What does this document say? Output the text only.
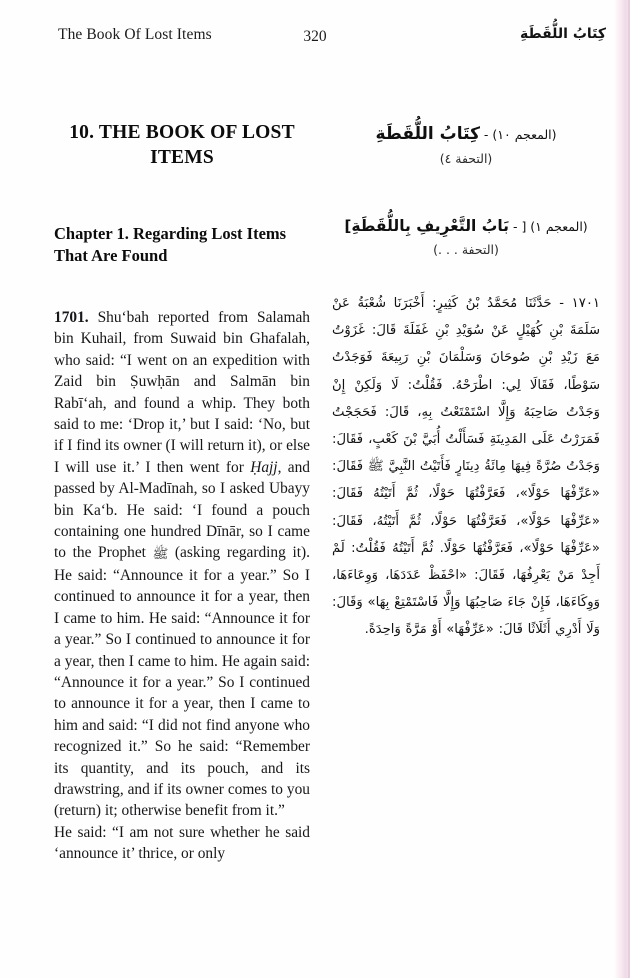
The Book Of Lost Items	320	كِتَابُ اللُّقَطَةِ
10. THE BOOK OF LOST ITEMS
Chapter 1. Regarding Lost Items That Are Found

1701. Shu‘bah reported from Salamah bin Kuhail, from Suwaid bin Ghafalah, who said: “I went on an expedition with Zaid bin Ṣuwḥān and Salmān bin Rabī‘ah, and found a whip. They both said to me: ‘Drop it,’ but I said: ‘No, but if I find its owner (I will return it), or else I will use it.’ I then went for Ḥajj, and passed by Al-Madīnah, so I asked Ubayy bin Ka‘b. He said: ‘I found a pouch containing one hundred Dīnār, so I came to the Prophet ﷺ (asking regarding it). He said: “Announce it for a year.” So I continued to announce it for a year, then I came to him. He said: “Announce it for a year.” So I continued to announce it for a year, then I came to him. He again said: “Announce it for a year.” So I continued to announce it for a year, then I came to him and said: “I did not find anyone who recognized it.” So he said: “Remember its quantity, and its pouch, and its drawstring, and if its owner comes to you (return) it; otherwise benefit from it.”

He said: “I am not sure whether he said ‘announce it’ thrice, or only

(المعجم ١٠) - كِتَابُ اللُّقَطَةِ
(التحفة ٤)
(المعجم ١) [ - بَابُ التَّعْرِيفِ بِاللُّقَطَةِ]
(التحفة . . .)

١٧٠١ - حَدَّثَنَا مُحَمَّدُ بْنُ كَثِيرٍ: أَخْبَرَنَا شُعْبَةُ عَنْ سَلَمَةَ بْنِ كُهَيْلٍ عَنْ سُوَيْدِ بْنِ غَفَلَةَ قَالَ: غَزَوْتُ مَعَ زَيْدِ بْنِ صُوحَانَ وَسَلْمَانَ بْنِ رَبِيعَةَ فَوَجَدْتُ سَوْطًا، فَقَالَا لِي: اطْرَحْهُ. فَقُلْتُ: لَا وَلَكِنْ إِنْ وَجَدْتُ صَاحِبَهُ وَإِلَّا اسْتَمْتَعْتُ بِهِ، قَالَ: فَحَجَجْتُ فَمَرَرْتُ عَلَى المَدِينَةِ فَسَأَلْتُ أُبَيَّ بْنَ كَعْبٍ، فَقَالَ: وَجَدْتُ صُرَّةً فِيهَا مِائَةُ دِينَارٍ فَأَتَيْتُ النَّبِيَّ ﷺ فَقَالَ: «عَرِّفْهَا حَوْلًا»، فَعَرَّفْتُهَا حَوْلًا، ثُمَّ أَتَيْتُهُ فَقَالَ: «عَرِّفْهَا حَوْلًا»، فَعَرَّفْتُهَا حَوْلًا، ثُمَّ أَتَيْتُهُ، فَقَالَ: «عَرِّفْهَا حَوْلًا»، فَعَرَّفْتُهَا حَوْلًا. ثُمَّ أَتَيْتُهُ فَقُلْتُ: لَمْ أَجِدْ مَنْ يَعْرِفُهَا، فَقَالَ: «احْفَظْ عَدَدَهَا، وَوِعَاءَهَا، وَوِكَاءَهَا، فَإِنْ جَاءَ صَاحِبُهَا وَإِلَّا فَاسْتَمْتِعْ بِهَا» وَقَالَ: وَلَا أَدْرِي أَثَلَاثًا قَالَ: «عَرِّفْهَا» أَوْ مَرَّةً وَاحِدَةً.
